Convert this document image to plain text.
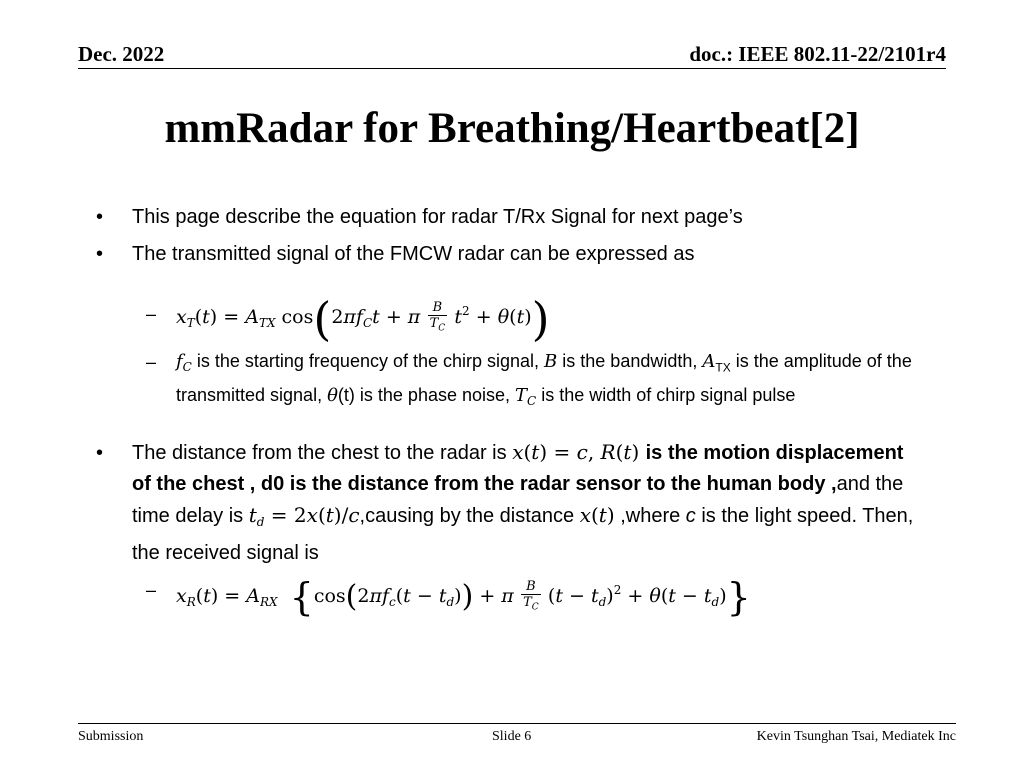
Dec. 2022	doc.: IEEE 802.11-22/2101r4
mmRadar for Breathing/Heartbeat[2]
• This page describe the equation for radar T/Rx Signal for next page’s
• The transmitted signal of the FMCW radar can be expressed as
– $x_T(t) = A_{TX}$ $\cos(2\pi f_Ct + \pi \frac{B}{T_C} t^2 + \theta(t))$
– $f_C$ is the starting frequency of the chirp signal, B is the bandwidth, $A_{TX}$ is the amplitude of the transmitted signal, θ(t) is the phase noise, $T_C$ is the width of chirp signal pulse
• The distance from the chest to the radar is x(t) = c, R(t) is the motion displacement of the chest , d0 is the distance from the radar sensor to the human body ,and the time delay is $t_d = 2x(t)/c,causing$ by the distance x(t) ,where c is the light speed. Then, the received signal is
– $x_R(t) = A_{RX}$ $\{\cos(2\pi f_c(t - t_d)) + \pi \frac{B}{T_C} (t - t_d)^2 + \theta(t - t_d)\}$
Submission	Slide 6	Kevin Tsunghan Tsai, Mediatek Inc
